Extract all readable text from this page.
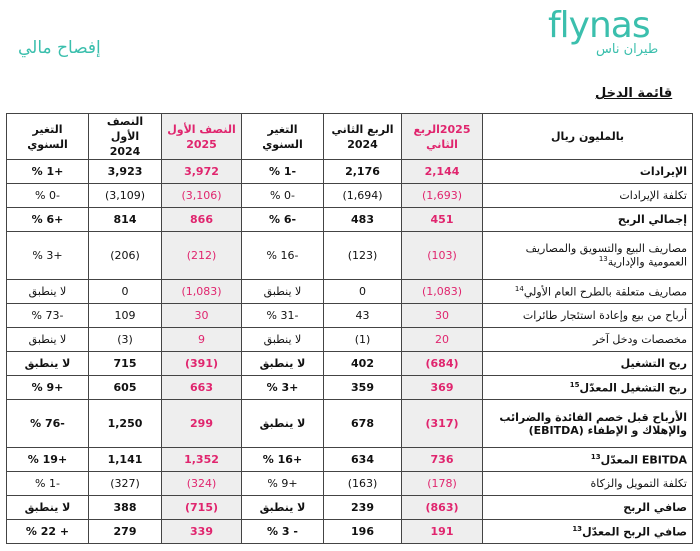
flynas
طيران ناس
إفصاح مالي
قائمة الدخل
بالمليون ريال	2025الربع الثاني	الربع الثاني 2024	التغير السنوي	النصف الأول 2025	النصف الأول 2024	التغير السنوي
الإيرادات	2,144	2,176	-1 %	3,972	3,923	+1 %
تكلفة الإيرادات	(1,693)	(1,694)	-0 %	(3,106)	(3,109)	-0 %
إجمالي الربح	451	483	-6 %	866	814	+6 %
مصاريف البيع والتسويق والمصاريف العمومية والإدارية$^{13}$	(103)	(123)	-16 %	(212)	(206)	+3 %
مصاريف متعلقة بالطرح العام الأولي$^{14}$	(1,083)	0	لا ينطبق	(1,083)	0	لا ينطبق
أرباح من بيع وإعادة استئجار طائرات	30	43	-31 %	30	109	-73 %
مخصصات ودخل آخر	20	(1)	لا ينطبق	9	(3)	لا ينطبق
ربح التشغيل	(684)	402	لا ينطبق	(391)	715	لا ينطبق
ربح التشغيل المعدّل$^{15}$	369	359	+3 %	663	605	+9 %
الأرباح قبل خصم الفائدة والضرائب والإهلاك و الإطفاء (EBITDA)	(317)	678	لا ينطبق	299	1,250	-76 %
EBITDA المعدّل$^{13}$	736	634	+16 %	1,352	1,141	+19 %
تكلفة التمويل والزكاة	(178)	(163)	+9 %	(324)	(327)	-1 %
صافي الربح	(863)	239	لا ينطبق	(715)	388	لا ينطبق
صافي الربح المعدّل$^{13}$	191	196	- 3 %	339	279	+ 22 %
